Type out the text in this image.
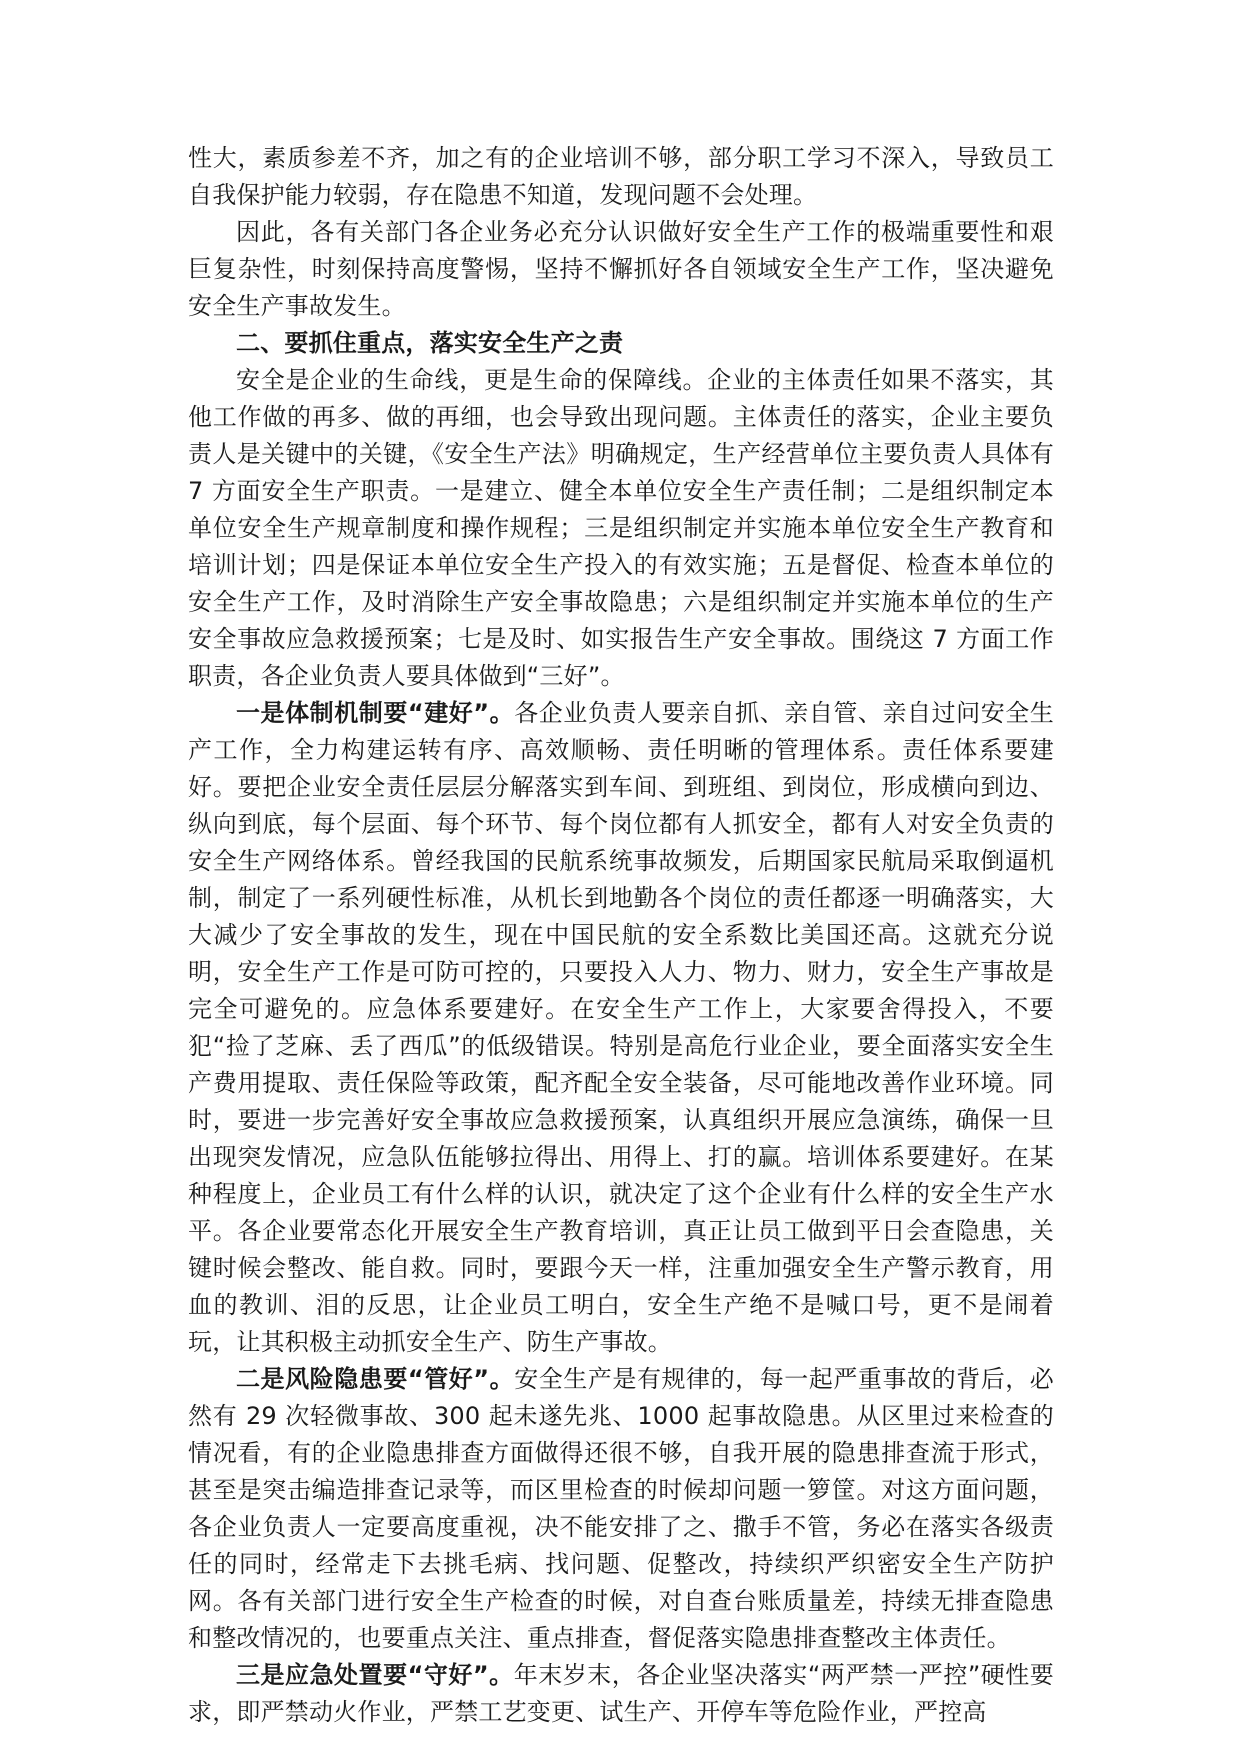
性大，素质参差不齐，加之有的企业培训不够，部分职工学习不深入，导致员工自我保护能力较弱，存在隐患不知道，发现问题不会处理。

因此，各有关部门各企业务必充分认识做好安全生产工作的极端重要性和艰巨复杂性，时刻保持高度警惕，坚持不懈抓好各自领域安全生产工作，坚决避免安全生产事故发生。

二、要抓住重点，落实安全生产之责

安全是企业的生命线，更是生命的保障线。企业的主体责任如果不落实，其他工作做的再多、做的再细，也会导致出现问题。主体责任的落实，企业主要负责人是关键中的关键，《安全生产法》明确规定，生产经营单位主要负责人具体有 7 方面安全生产职责。一是建立、健全本单位安全生产责任制；二是组织制定本单位安全生产规章制度和操作规程；三是组织制定并实施本单位安全生产教育和培训计划；四是保证本单位安全生产投入的有效实施；五是督促、检查本单位的安全生产工作，及时消除生产安全事故隐患；六是组织制定并实施本单位的生产安全事故应急救援预案；七是及时、如实报告生产安全事故。围绕这 7 方面工作职责，各企业负责人要具体做到“三好”。

一是体制机制要“建好”。各企业负责人要亲自抓、亲自管、亲自过问安全生产工作，全力构建运转有序、高效顺畅、责任明晰的管理体系。责任体系要建好。要把企业安全责任层层分解落实到车间、到班组、到岗位，形成横向到边、纵向到底，每个层面、每个环节、每个岗位都有人抓安全，都有人对安全负责的安全生产网络体系。曾经我国的民航系统事故频发，后期国家民航局采取倒逼机制，制定了一系列硬性标准，从机长到地勤各个岗位的责任都逐一明确落实，大大减少了安全事故的发生，现在中国民航的安全系数比美国还高。这就充分说明，安全生产工作是可防可控的，只要投入人力、物力、财力，安全生产事故是完全可避免的。应急体系要建好。在安全生产工作上，大家要舍得投入，不要犯“捡了芝麻、丢了西瓜”的低级错误。特别是高危行业企业，要全面落实安全生产费用提取、责任保险等政策，配齐配全安全装备，尽可能地改善作业环境。同时，要进一步完善好安全事故应急救援预案，认真组织开展应急演练，确保一旦出现突发情况，应急队伍能够拉得出、用得上、打的赢。培训体系要建好。在某种程度上，企业员工有什么样的认识，就决定了这个企业有什么样的安全生产水平。各企业要常态化开展安全生产教育培训，真正让员工做到平日会查隐患，关键时候会整改、能自救。同时，要跟今天一样，注重加强安全生产警示教育，用血的教训、泪的反思，让企业员工明白，安全生产绝不是喊口号，更不是闹着玩，让其积极主动抓安全生产、防生产事故。

二是风险隐患要“管好”。安全生产是有规律的，每一起严重事故的背后，必然有 29 次轻微事故、300 起未遂先兆、1000 起事故隐患。从区里过来检查的情况看，有的企业隐患排查方面做得还很不够，自我开展的隐患排查流于形式，甚至是突击编造排查记录等，而区里检查的时候却问题一箩筐。对这方面问题，各企业负责人一定要高度重视，决不能安排了之、撒手不管，务必在落实各级责任的同时，经常走下去挑毛病、找问题、促整改，持续织严织密安全生产防护网。各有关部门进行安全生产检查的时候，对自查台账质量差，持续无排查隐患和整改情况的，也要重点关注、重点排查，督促落实隐患排查整改主体责任。

三是应急处置要“守好”。年末岁末，各企业坚决落实“两严禁一严控”硬性要求，即严禁动火作业，严禁工艺变更、试生产、开停车等危险作业，严控高
